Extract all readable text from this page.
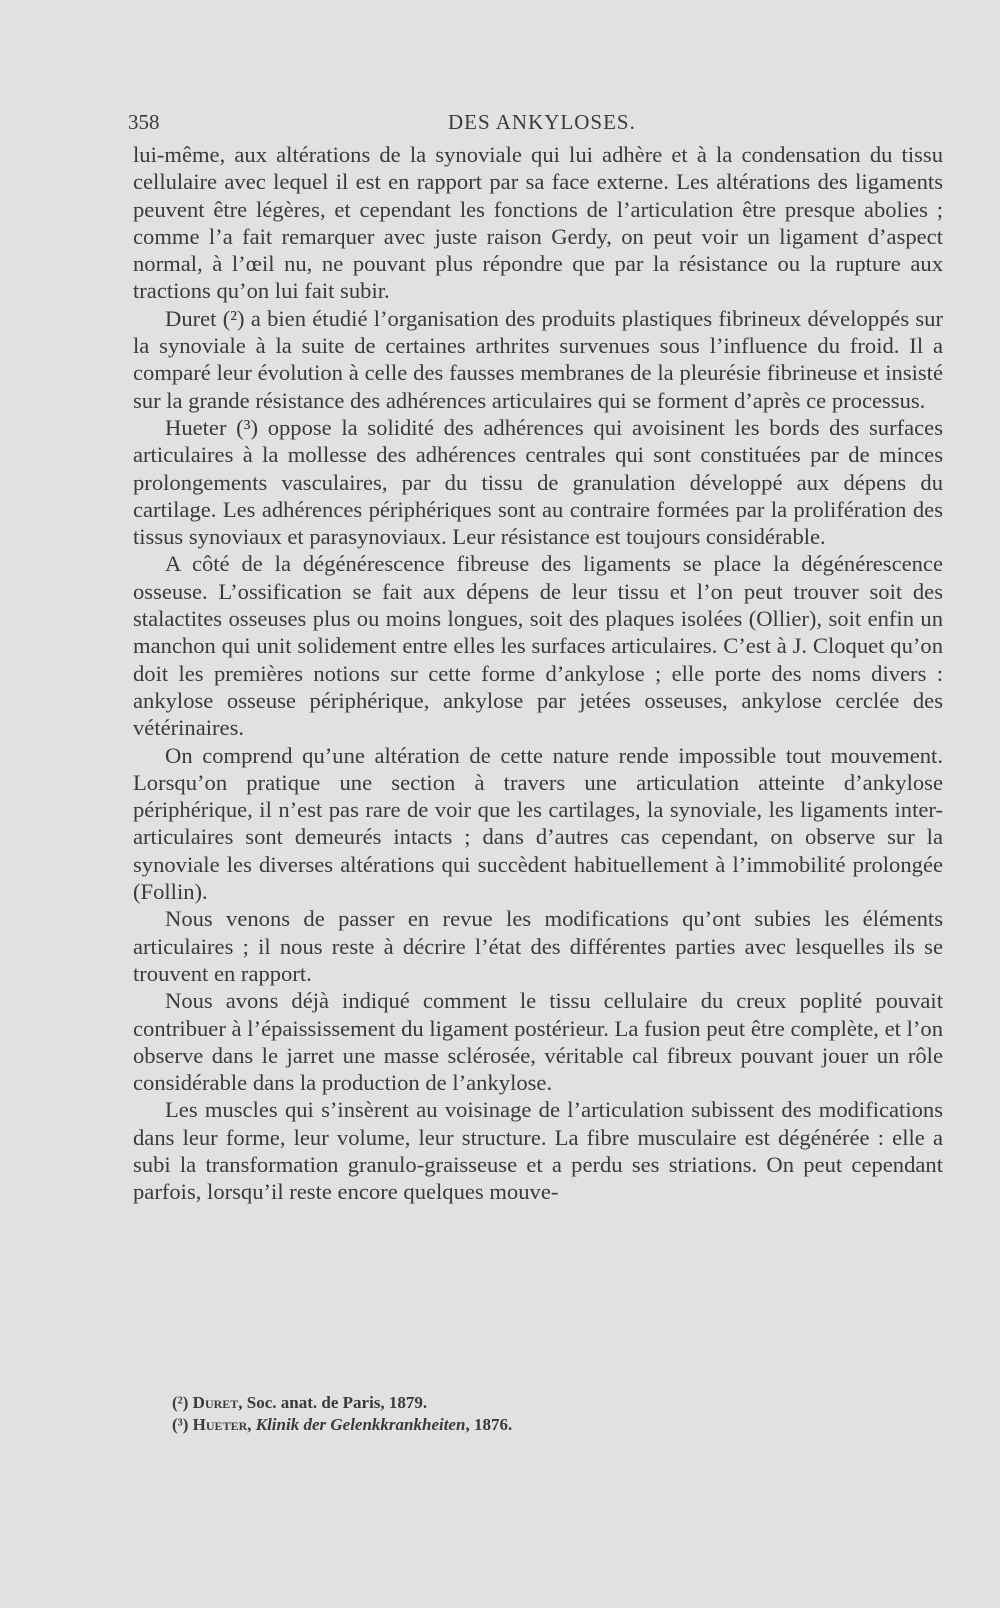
358	DES ANKYLOSES.

lui-même, aux altérations de la synoviale qui lui adhère et à la condensation du tissu cellulaire avec lequel il est en rapport par sa face externe. Les altérations des ligaments peuvent être légères, et cependant les fonctions de l’articulation être presque abolies ; comme l’a fait remarquer avec juste raison Gerdy, on peut voir un ligament d’aspect normal, à l’œil nu, ne pouvant plus répondre que par la résistance ou la rupture aux tractions qu’on lui fait subir.

Duret (²) a bien étudié l’organisation des produits plastiques fibrineux développés sur la synoviale à la suite de certaines arthrites survenues sous l’influence du froid. Il a comparé leur évolution à celle des fausses membranes de la pleurésie fibrineuse et insisté sur la grande résistance des adhérences articulaires qui se forment d’après ce processus.

Hueter (³) oppose la solidité des adhérences qui avoisinent les bords des surfaces articulaires à la mollesse des adhérences centrales qui sont constituées par de minces prolongements vasculaires, par du tissu de granulation développé aux dépens du cartilage. Les adhérences périphériques sont au contraire formées par la prolifération des tissus synoviaux et parasynoviaux. Leur résistance est toujours considérable.

A côté de la dégénérescence fibreuse des ligaments se place la dégénérescence osseuse. L’ossification se fait aux dépens de leur tissu et l’on peut trouver soit des stalactites osseuses plus ou moins longues, soit des plaques isolées (Ollier), soit enfin un manchon qui unit solidement entre elles les surfaces articulaires. C’est à J. Cloquet qu’on doit les premières notions sur cette forme d’ankylose ; elle porte des noms divers : ankylose osseuse périphérique, ankylose par jetées osseuses, ankylose cerclée des vétérinaires.

On comprend qu’une altération de cette nature rende impossible tout mouvement. Lorsqu’on pratique une section à travers une articulation atteinte d’ankylose périphérique, il n’est pas rare de voir que les cartilages, la synoviale, les ligaments inter-articulaires sont demeurés intacts ; dans d’autres cas cependant, on observe sur la synoviale les diverses altérations qui succèdent habituellement à l’immobilité prolongée (Follin).

Nous venons de passer en revue les modifications qu’ont subies les éléments articulaires ; il nous reste à décrire l’état des différentes parties avec lesquelles ils se trouvent en rapport.

Nous avons déjà indiqué comment le tissu cellulaire du creux poplité pouvait contribuer à l’épaississement du ligament postérieur. La fusion peut être complète, et l’on observe dans le jarret une masse sclérosée, véritable cal fibreux pouvant jouer un rôle considérable dans la production de l’ankylose.

Les muscles qui s’insèrent au voisinage de l’articulation subissent des modifications dans leur forme, leur volume, leur structure. La fibre musculaire est dégénérée : elle a subi la transformation granulo-graisseuse et a perdu ses striations. On peut cependant parfois, lorsqu’il reste encore quelques mouve-

(²) Duret, Soc. anat. de Paris, 1879.

(³) Hueter, Klinik der Gelenkkrankheiten, 1876.
